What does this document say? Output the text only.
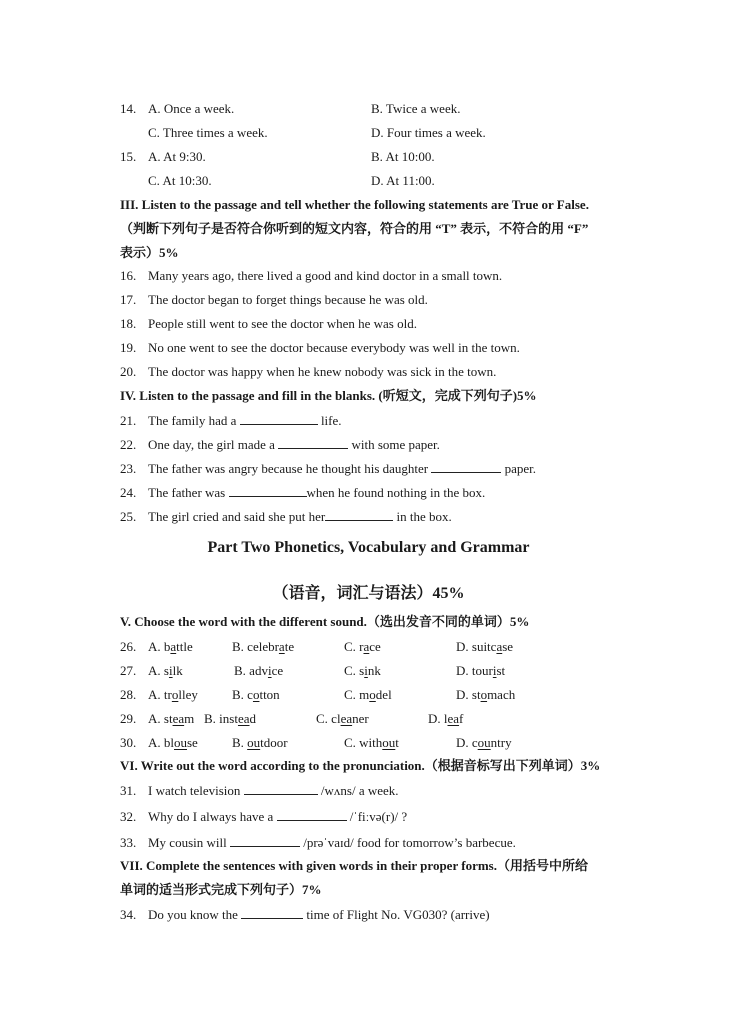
14. A. Once a week.	B. Twice a week.
C. Three times a week.	D. Four times a week.
15. A. At 9:30.	B. At 10:00.
C. At 10:30.	D. At 11:00.
III. Listen to the passage and tell whether the following statements are True or False.
（判断下列句子是否符合你听到的短文内容，符合的用 “T” 表示，不符合的用 “F”
表示）5%
16. Many years ago, there lived a good and kind doctor in a small town.
17. The doctor began to forget things because he was old.
18. People still went to see the doctor when he was old.
19. No one went to see the doctor because everybody was well in the town.
20. The doctor was happy when he knew nobody was sick in the town.
IV. Listen to the passage and fill in the blanks. (听短文，完成下列句子)5%
21. The family had a	life.
22. One day, the girl made a	with some paper.
23. The father was angry because he thought his daughter	paper.
24. The father was	when he found nothing in the box.
25. The girl cried and said she put her	in the box.
Part Two Phonetics, Vocabulary and Grammar
（语音，词汇与语法）45%
V. Choose the word with the different sound.（选出发音不同的单词）5%
26. A. battle	B. celebrate	C. race	D. suitcase
27. A. silk	B. advice	C. sink	D. tourist
28. A. trolley	B. cotton	C. model	D. stomach
29. A. steam B. instead	C. cleaner	D. leaf
30. A. blouse	B. outdoor	C. without	D. country
VI. Write out the word according to the pronunciation.（根据音标写出下列单词）3%
31. I watch television	/wʌns/ a week.
32. Why do I always have a	/ˈfiːvə(r)/ ?
33. My cousin will	/prəˈvaɪd/ food for tomorrow’s barbecue.
VII. Complete the sentences with given words in their proper forms.（用括号中所给
单词的适当形式完成下列句子）7%
34. Do you know the	time of Flight No. VG030? (arrive)
